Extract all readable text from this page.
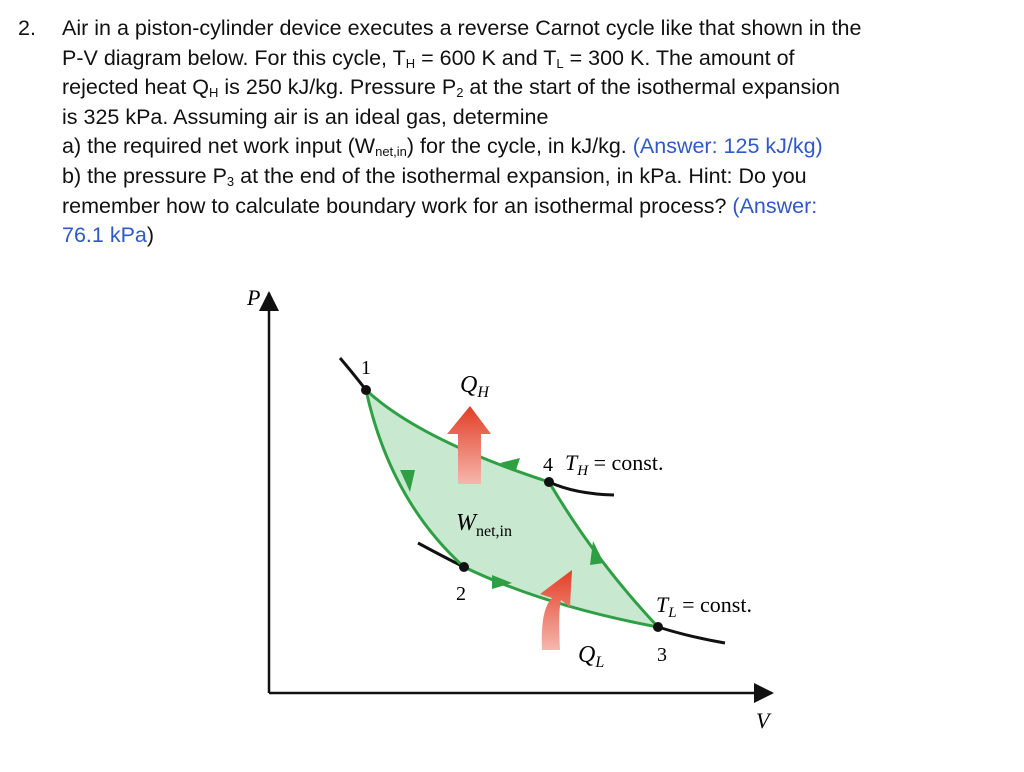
2. Air in a piston-cylinder device executes a reverse Carnot cycle like that shown in the
P-V diagram below. For this cycle, $T_H = 600$ K and $T_L = 300$ K. The amount of
rejected heat $Q_H$ is 250 kJ/kg. Pressure $P_2$ at the start of the isothermal expansion
is 325 kPa. Assuming air is an ideal gas, determine
a) the required net work input $(W_{net,in})$ for the cycle, in kJ/kg. (Answer: 125 kJ/kg)
b) the pressure $P_3$ at the end of the isothermal expansion, in kPa. Hint: Do you
remember how to calculate boundary work for an isothermal process? (Answer:
76.1 kPa)
P
V
1
2
3
4
$Q_H$
$Q_L$
$W_{net,in}$
$T_H$ = const.
$T_L$ = const.
